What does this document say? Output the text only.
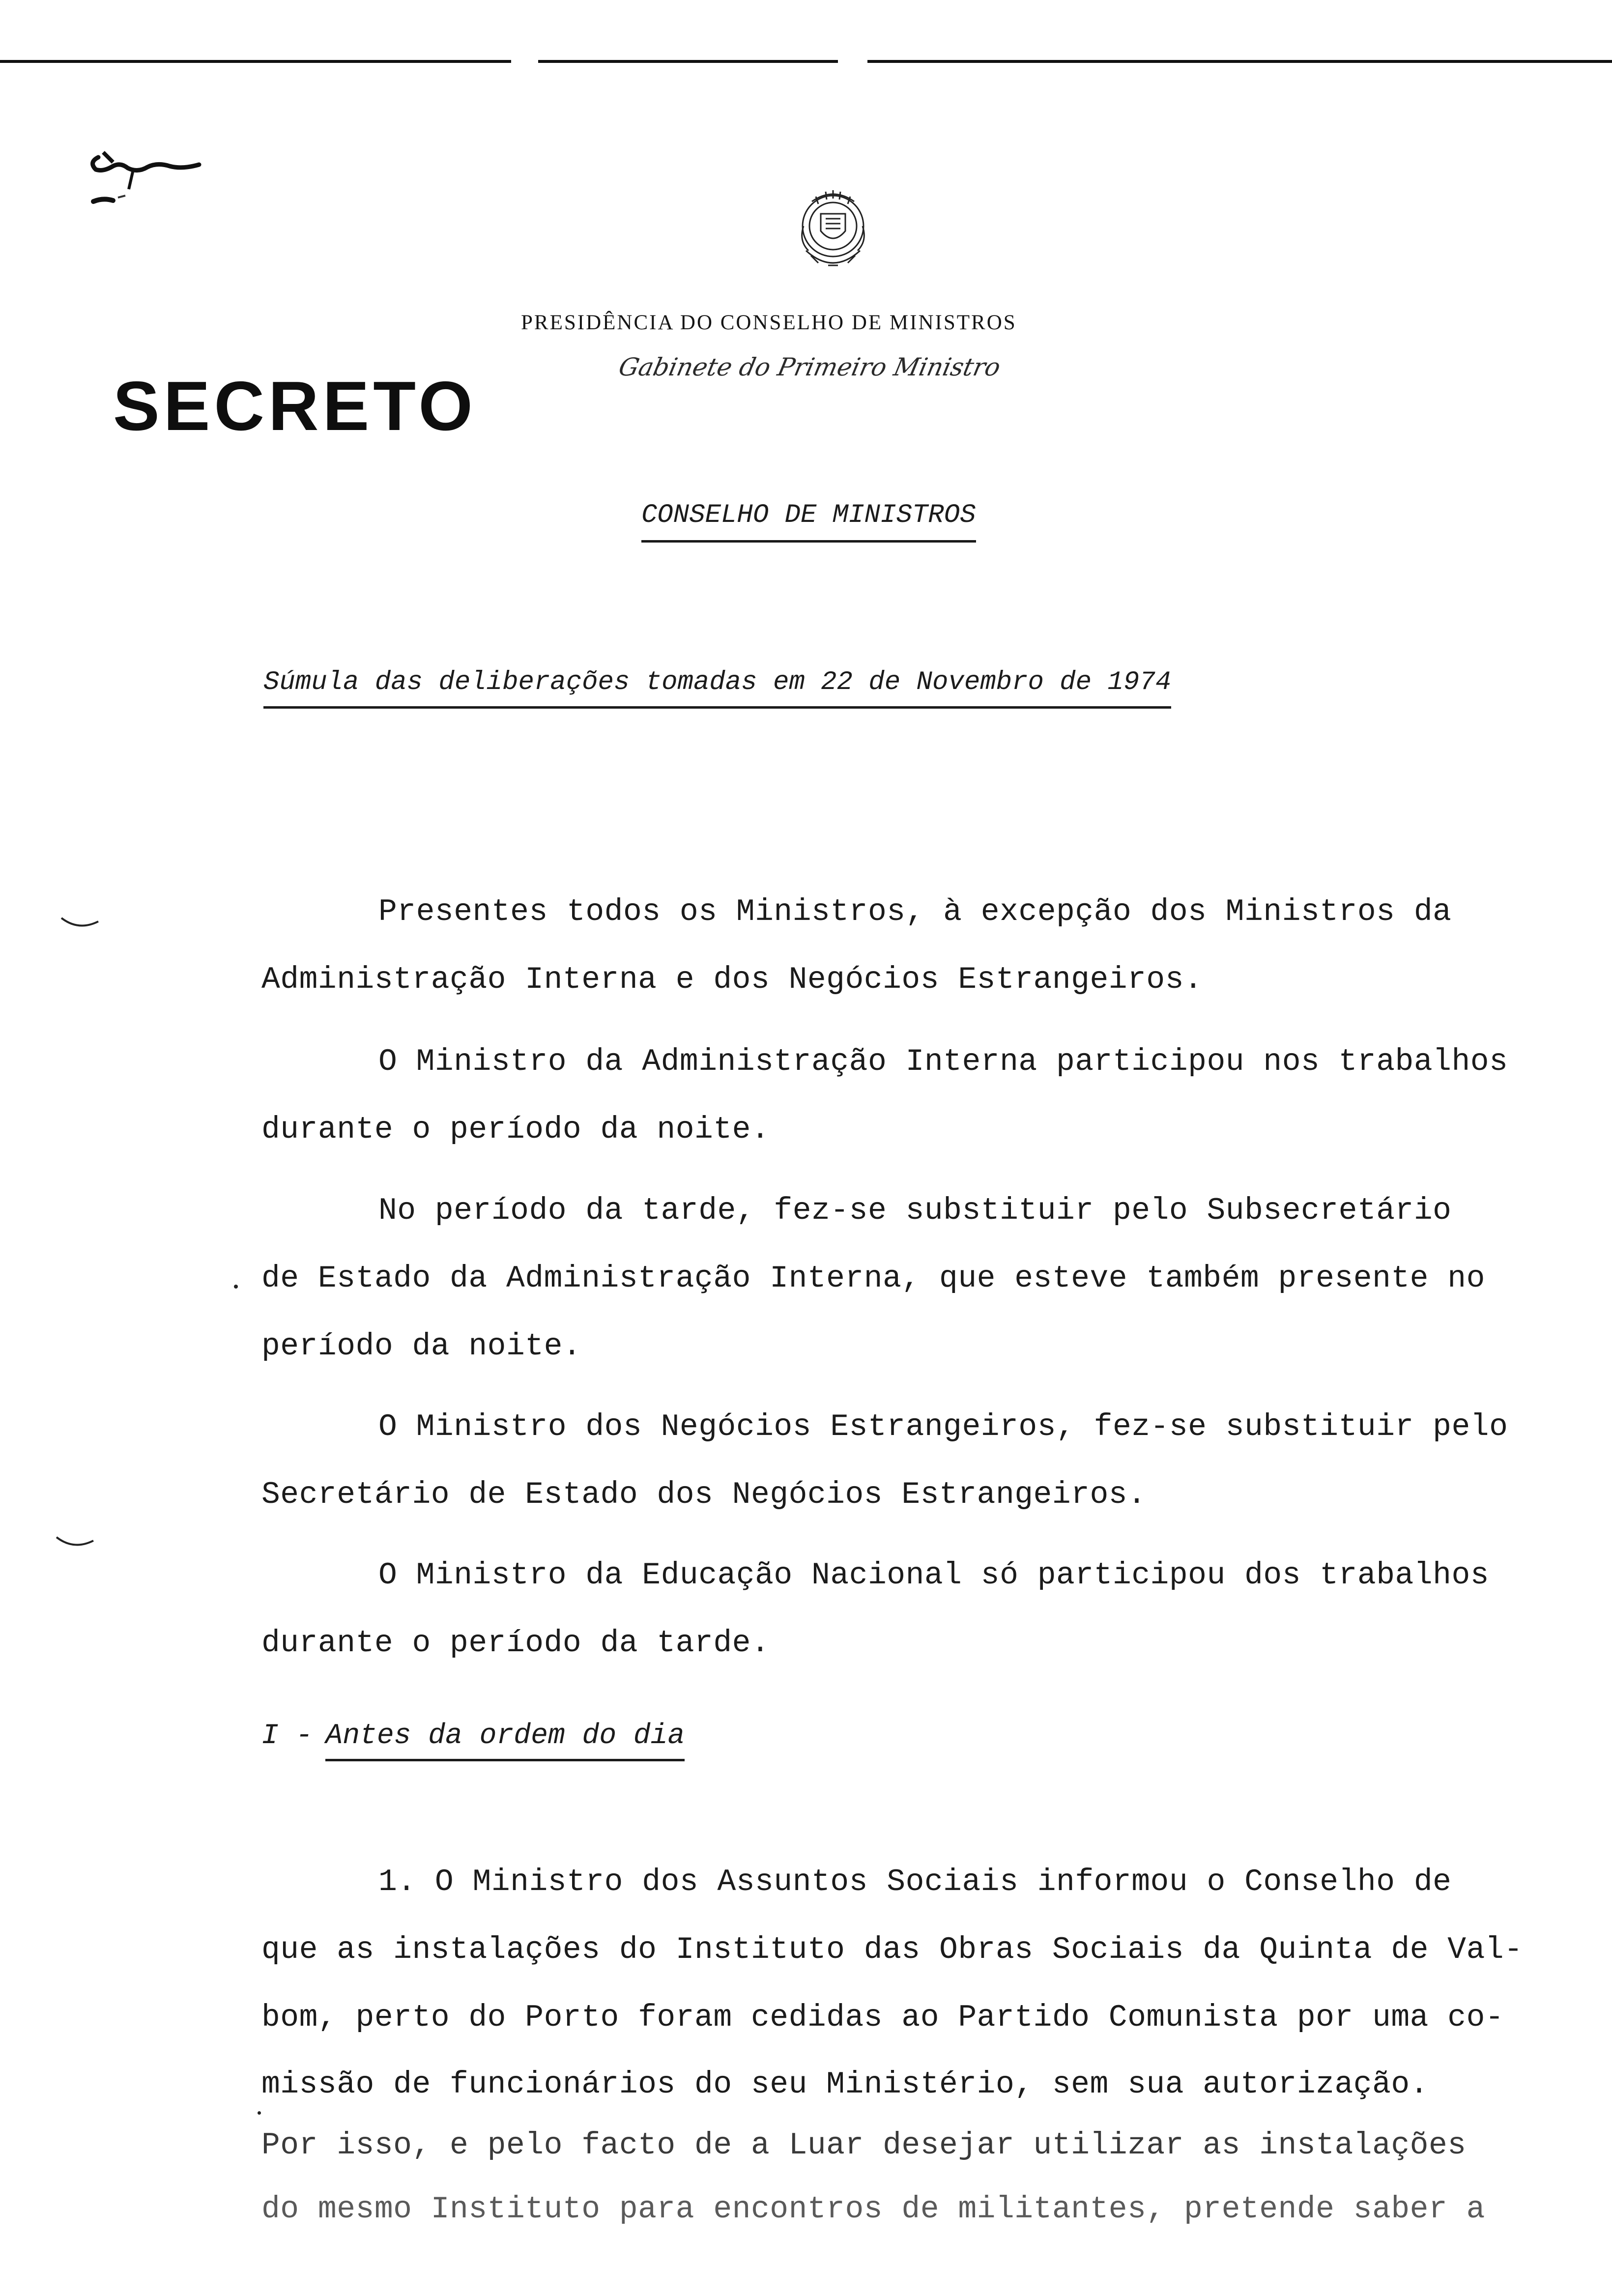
PRESIDÊNCIA DO CONSELHO DE MINISTROS
Gabinete do Primeiro Ministro
SECRETO
CONSELHO DE MINISTROS
Súmula das deliberações tomadas em 22 de Novembro de 1974
Presentes todos os Ministros, à excepção dos Ministros da
Administração Interna e dos Negócios Estrangeiros.
O Ministro da Administração Interna participou nos trabalhos
durante o período da noite.
No período da tarde, fez-se substituir pelo Subsecretário
de Estado da Administração Interna, que esteve também presente no
período da noite.
O Ministro dos Negócios Estrangeiros, fez-se substituir pelo
Secretário de Estado dos Negócios Estrangeiros.
O Ministro da Educação Nacional só participou dos trabalhos
durante o período da tarde.
I - Antes da ordem do dia
1. O Ministro dos Assuntos Sociais informou o Conselho de
que as instalações do Instituto das Obras Sociais da Quinta de Val-
bom, perto do Porto foram cedidas ao Partido Comunista por uma co-
missão de funcionários do seu Ministério, sem sua autorização.
Por isso, e pelo facto de a Luar desejar utilizar as instalações
do mesmo Instituto para encontros de militantes, pretende saber a
